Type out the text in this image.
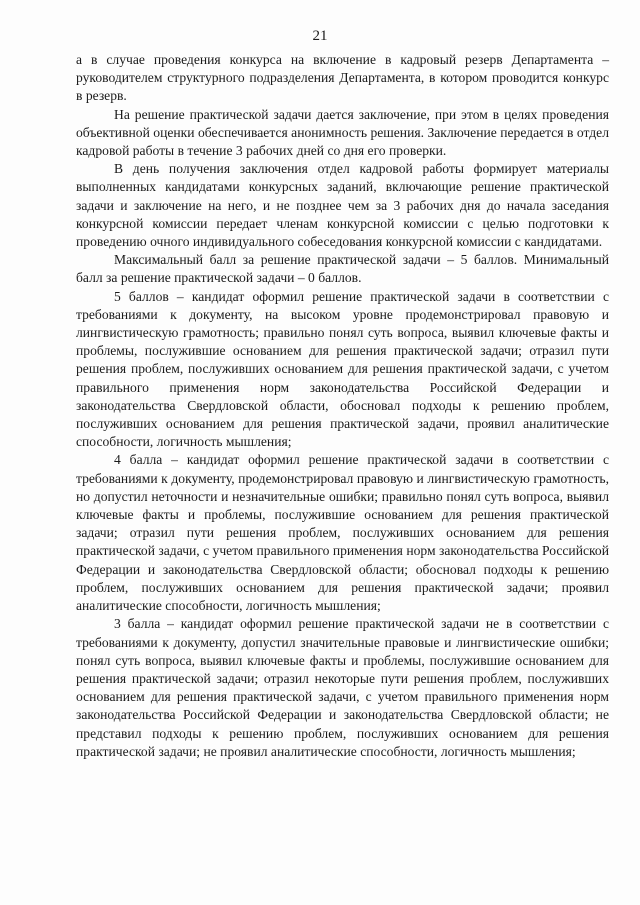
21

а в случае проведения конкурса на включение в кадровый резерв Департамента – руководителем структурного подразделения Департамента, в котором проводится конкурс в резерв.

На решение практической задачи дается заключение, при этом в целях проведения объективной оценки обеспечивается анонимность решения. Заключение передается в отдел кадровой работы в течение 3 рабочих дней со дня его проверки.

В день получения заключения отдел кадровой работы формирует материалы выполненных кандидатами конкурсных заданий, включающие решение практической задачи и заключение на него, и не позднее чем за 3 рабочих дня до начала заседания конкурсной комиссии передает членам конкурсной комиссии с целью подготовки к проведению очного индивидуального собеседования конкурсной комиссии с кандидатами.

Максимальный балл за решение практической задачи – 5 баллов. Минимальный балл за решение практической задачи – 0 баллов.

5 баллов – кандидат оформил решение практической задачи в соответствии с требованиями к документу, на высоком уровне продемонстрировал правовую и лингвистическую грамотность; правильно понял суть вопроса, выявил ключевые факты и проблемы, послужившие основанием для решения практической задачи; отразил пути решения проблем, послуживших основанием для решения практической задачи, с учетом правильного применения норм законодательства Российской Федерации и законодательства Свердловской области, обосновал подходы к решению проблем, послуживших основанием для решения практической задачи, проявил аналитические способности, логичность мышления;

4 балла – кандидат оформил решение практической задачи в соответствии с требованиями к документу, продемонстрировал правовую и лингвистическую грамотность, но допустил неточности и незначительные ошибки; правильно понял суть вопроса, выявил ключевые факты и проблемы, послужившие основанием для решения практической задачи; отразил пути решения проблем, послуживших основанием для решения практической задачи, с учетом правильного применения норм законодательства Российской Федерации и законодательства Свердловской области; обосновал подходы к решению проблем, послуживших основанием для решения практической задачи; проявил аналитические способности, логичность мышления;

3 балла – кандидат оформил решение практической задачи не в соответствии с требованиями к документу, допустил значительные правовые и лингвистические ошибки; понял суть вопроса, выявил ключевые факты и проблемы, послужившие основанием для решения практической задачи; отразил некоторые пути решения проблем, послуживших основанием для решения практической задачи, с учетом правильного применения норм законодательства Российской Федерации и законодательства Свердловской области; не представил подходы к решению проблем, послуживших основанием для решения практической задачи; не проявил аналитические способности, логичность мышления;
